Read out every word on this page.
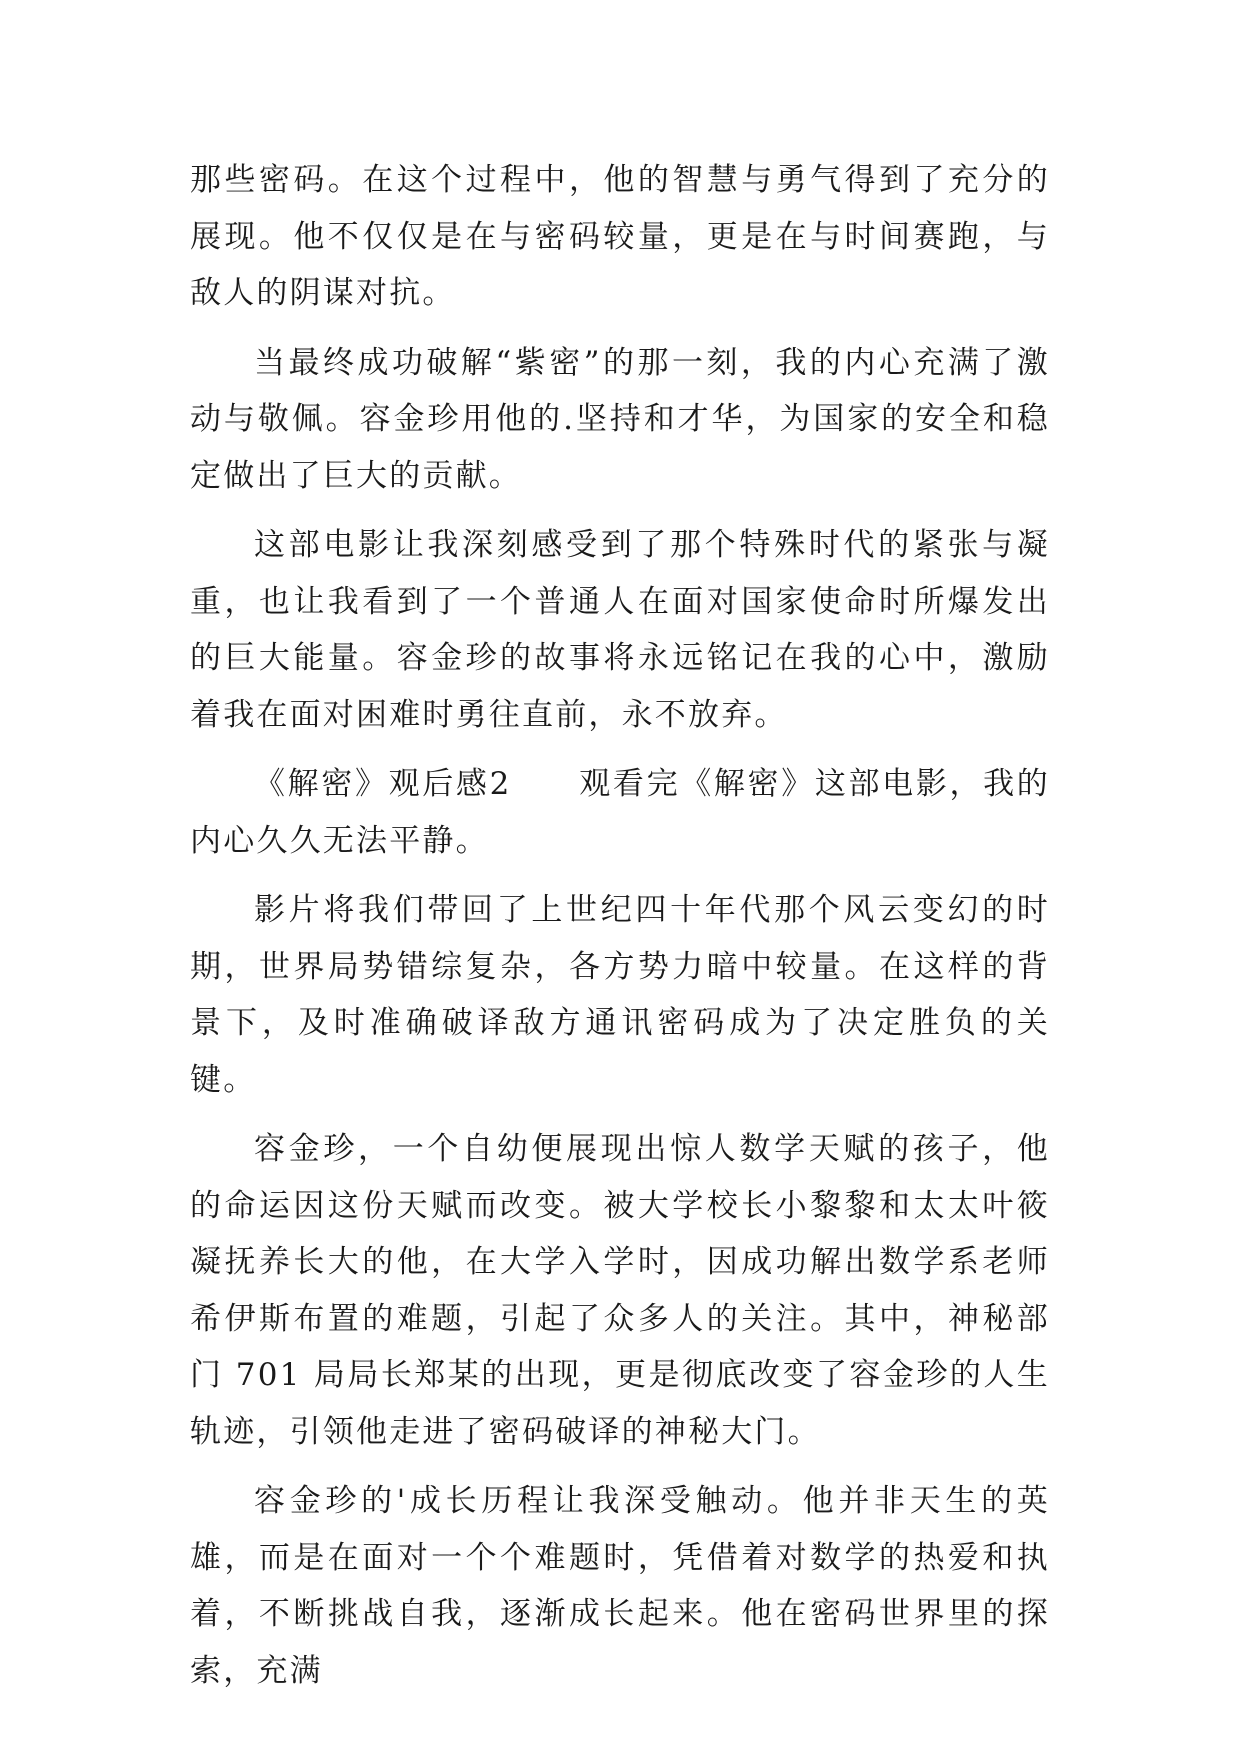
那些密码。在这个过程中，他的智慧与勇气得到了充分的展现。他不仅仅是在与密码较量，更是在与时间赛跑，与敌人的阴谋对抗。

当最终成功破解“紫密”的那一刻，我的内心充满了激动与敬佩。容金珍用他的.坚持和才华，为国家的安全和稳定做出了巨大的贡献。

这部电影让我深刻感受到了那个特殊时代的紧张与凝重，也让我看到了一个普通人在面对国家使命时所爆发出的巨大能量。容金珍的故事将永远铭记在我的心中，激励着我在面对困难时勇往直前，永不放弃。

《解密》观后感2　　观看完《解密》这部电影，我的内心久久无法平静。

影片将我们带回了上世纪四十年代那个风云变幻的时期，世界局势错综复杂，各方势力暗中较量。在这样的背景下，及时准确破译敌方通讯密码成为了决定胜负的关键。

容金珍，一个自幼便展现出惊人数学天赋的孩子，他的命运因这份天赋而改变。被大学校长小黎黎和太太叶筱凝抚养长大的他，在大学入学时，因成功解出数学系老师希伊斯布置的难题，引起了众多人的关注。其中，神秘部门 701 局局长郑某的出现，更是彻底改变了容金珍的人生轨迹，引领他走进了密码破译的神秘大门。

容金珍的'成长历程让我深受触动。他并非天生的英雄，而是在面对一个个难题时，凭借着对数学的热爱和执着，不断挑战自我，逐渐成长起来。他在密码世界里的探索，充满
